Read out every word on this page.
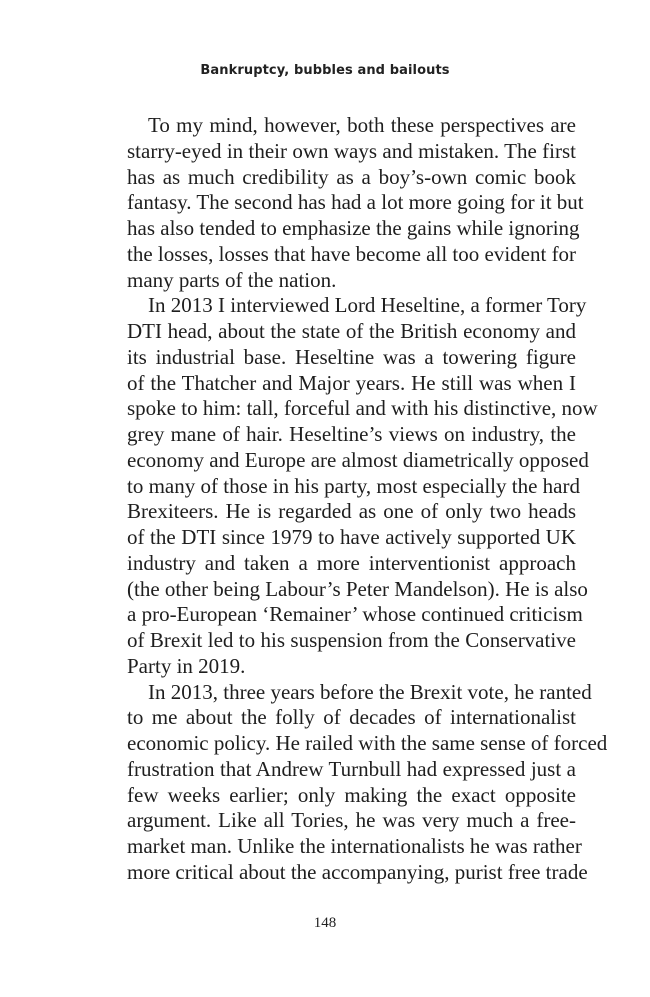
Bankruptcy, bubbles and bailouts

To my mind, however, both these perspectives are
starry-eyed in their own ways and mistaken. The first
has as much credibility as a boy’s-own comic book
fantasy. The second has had a lot more going for it but
has also tended to emphasize the gains while ignoring
the losses, losses that have become all too evident for
many parts of the nation.

In 2013 I interviewed Lord Heseltine, a former Tory
DTI head, about the state of the British economy and
its industrial base. Heseltine was a towering figure
of the Thatcher and Major years. He still was when I
spoke to him: tall, forceful and with his distinctive, now
grey mane of hair. Heseltine’s views on industry, the
economy and Europe are almost diametrically opposed
to many of those in his party, most especially the hard
Brexiteers. He is regarded as one of only two heads
of the DTI since 1979 to have actively supported UK
industry and taken a more interventionist approach
(the other being Labour’s Peter Mandelson). He is also
a pro-European ‘Remainer’ whose continued criticism
of Brexit led to his suspension from the Conservative
Party in 2019.

In 2013, three years before the Brexit vote, he ranted
to me about the folly of decades of internationalist
economic policy. He railed with the same sense of forced
frustration that Andrew Turnbull had expressed just a
few weeks earlier; only making the exact opposite
argument. Like all Tories, he was very much a free-
market man. Unlike the internationalists he was rather
more critical about the accompanying, purist free trade

148
